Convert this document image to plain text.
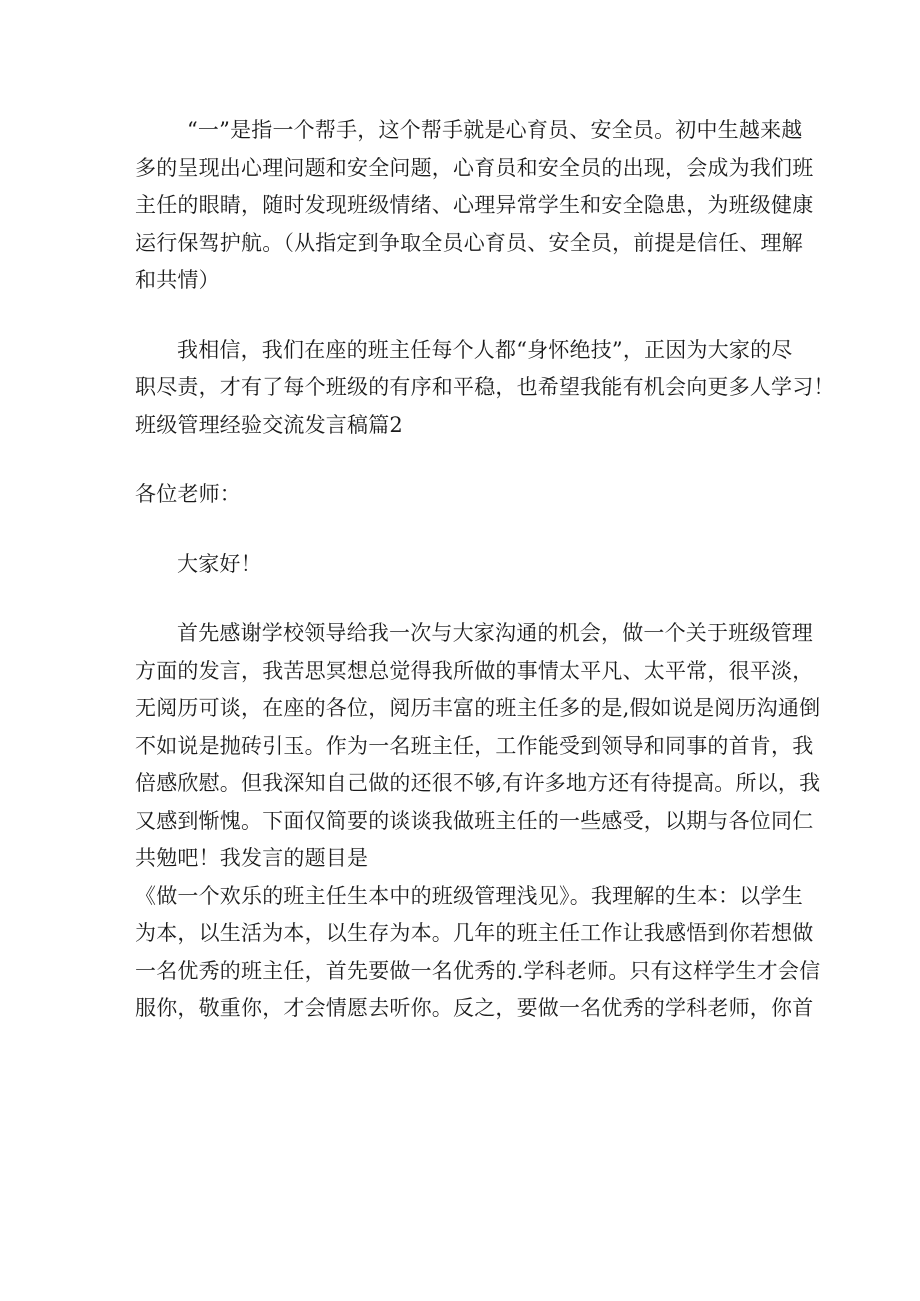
“一”是指一个帮手，这个帮手就是心育员、安全员。初中生越来越
多的呈现出心理问题和安全问题，心育员和安全员的出现，会成为我们班
主任的眼睛，随时发现班级情绪、心理异常学生和安全隐患，为班级健康
运行保驾护航。（从指定到争取全员心育员、安全员，前提是信任、理解
和共情）
我相信，我们在座的班主任每个人都“身怀绝技”，正因为大家的尽
职尽责，才有了每个班级的有序和平稳，也希望我能有机会向更多人学习！
班级管理经验交流发言稿篇2
各位老师：
大家好！
首先感谢学校领导给我一次与大家沟通的机会，做一个关于班级管理
方面的发言，我苦思冥想总觉得我所做的事情太平凡、太平常，很平淡，
无阅历可谈，在座的各位，阅历丰富的班主任多的是,假如说是阅历沟通倒
不如说是抛砖引玉。作为一名班主任，工作能受到领导和同事的首肯，我
倍感欣慰。但我深知自己做的还很不够,有许多地方还有待提高。所以，我
又感到惭愧。下面仅简要的谈谈我做班主任的一些感受，以期与各位同仁
共勉吧！我发言的题目是
《做一个欢乐的班主任生本中的班级管理浅见》。我理解的生本：以学生
为本，以生活为本，以生存为本。几年的班主任工作让我感悟到你若想做
一名优秀的班主任，首先要做一名优秀的.学科老师。只有这样学生才会信
服你，敬重你，才会情愿去听你。反之，要做一名优秀的学科老师，你首
